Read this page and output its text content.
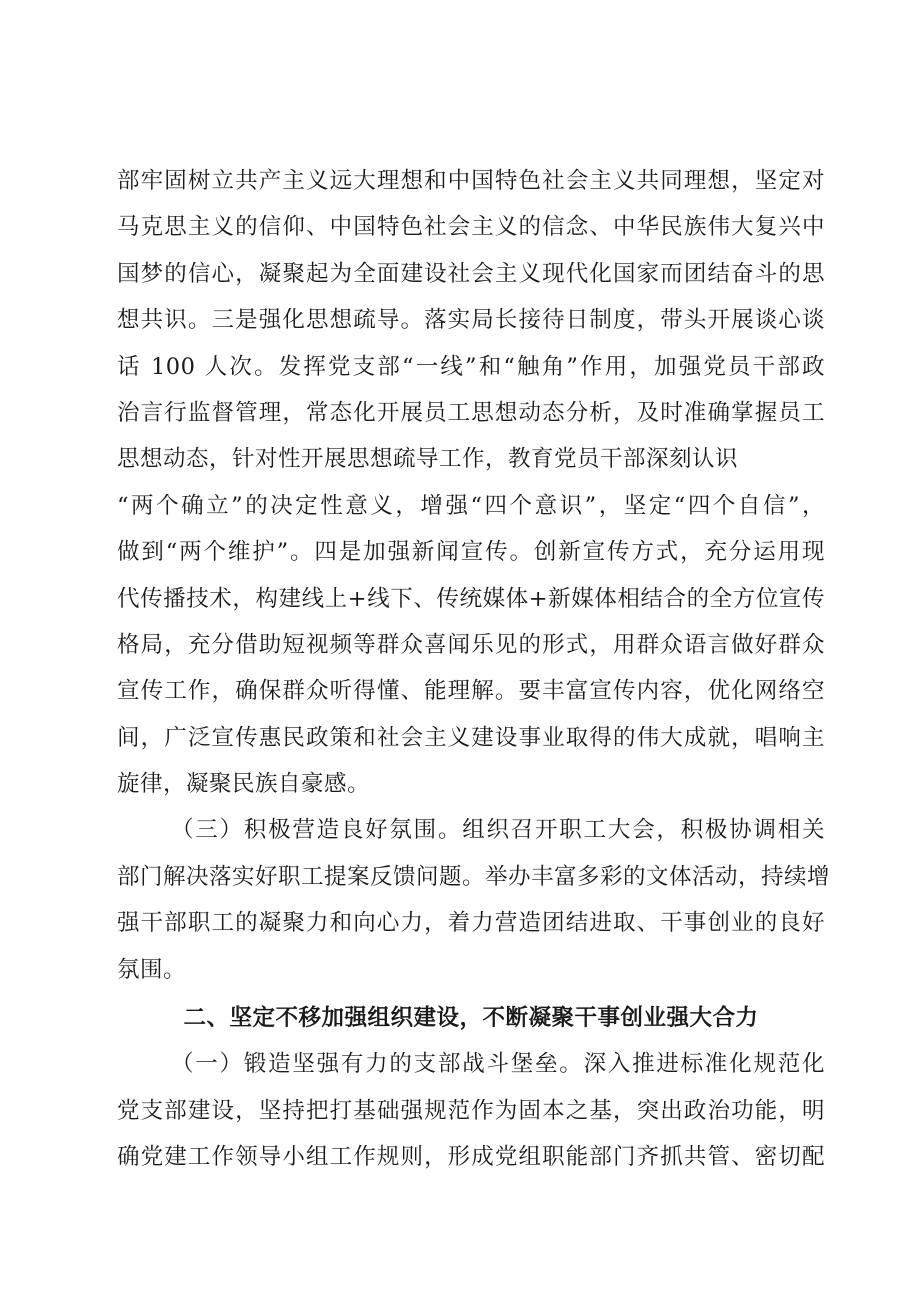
部牢固树立共产主义远大理想和中国特色社会主义共同理想，坚定对
马克思主义的信仰、中国特色社会主义的信念、中华民族伟大复兴中
国梦的信心，凝聚起为全面建设社会主义现代化国家而团结奋斗的思
想共识。三是强化思想疏导。落实局长接待日制度，带头开展谈心谈
话 100 人次。发挥党支部“一线”和“触角”作用，加强党员干部政
治言行监督管理，常态化开展员工思想动态分析，及时准确掌握员工
思想动态，针对性开展思想疏导工作，教育党员干部深刻认识
“两个确立”的决定性意义，增强“四个意识”，坚定“四个自信”，
做到“两个维护”。四是加强新闻宣传。创新宣传方式，充分运用现
代传播技术，构建线上+线下、传统媒体+新媒体相结合的全方位宣传
格局，充分借助短视频等群众喜闻乐见的形式，用群众语言做好群众
宣传工作，确保群众听得懂、能理解。要丰富宣传内容，优化网络空
间，广泛宣传惠民政策和社会主义建设事业取得的伟大成就，唱响主
旋律，凝聚民族自豪感。
（三）积极营造良好氛围。组织召开职工大会，积极协调相关
部门解决落实好职工提案反馈问题。举办丰富多彩的文体活动，持续增
强干部职工的凝聚力和向心力，着力营造团结进取、干事创业的良好
氛围。
二、坚定不移加强组织建设，不断凝聚干事创业强大合力
（一）锻造坚强有力的支部战斗堡垒。深入推进标准化规范化
党支部建设，坚持把打基础强规范作为固本之基，突出政治功能，明
确党建工作领导小组工作规则，形成党组职能部门齐抓共管、密切配
